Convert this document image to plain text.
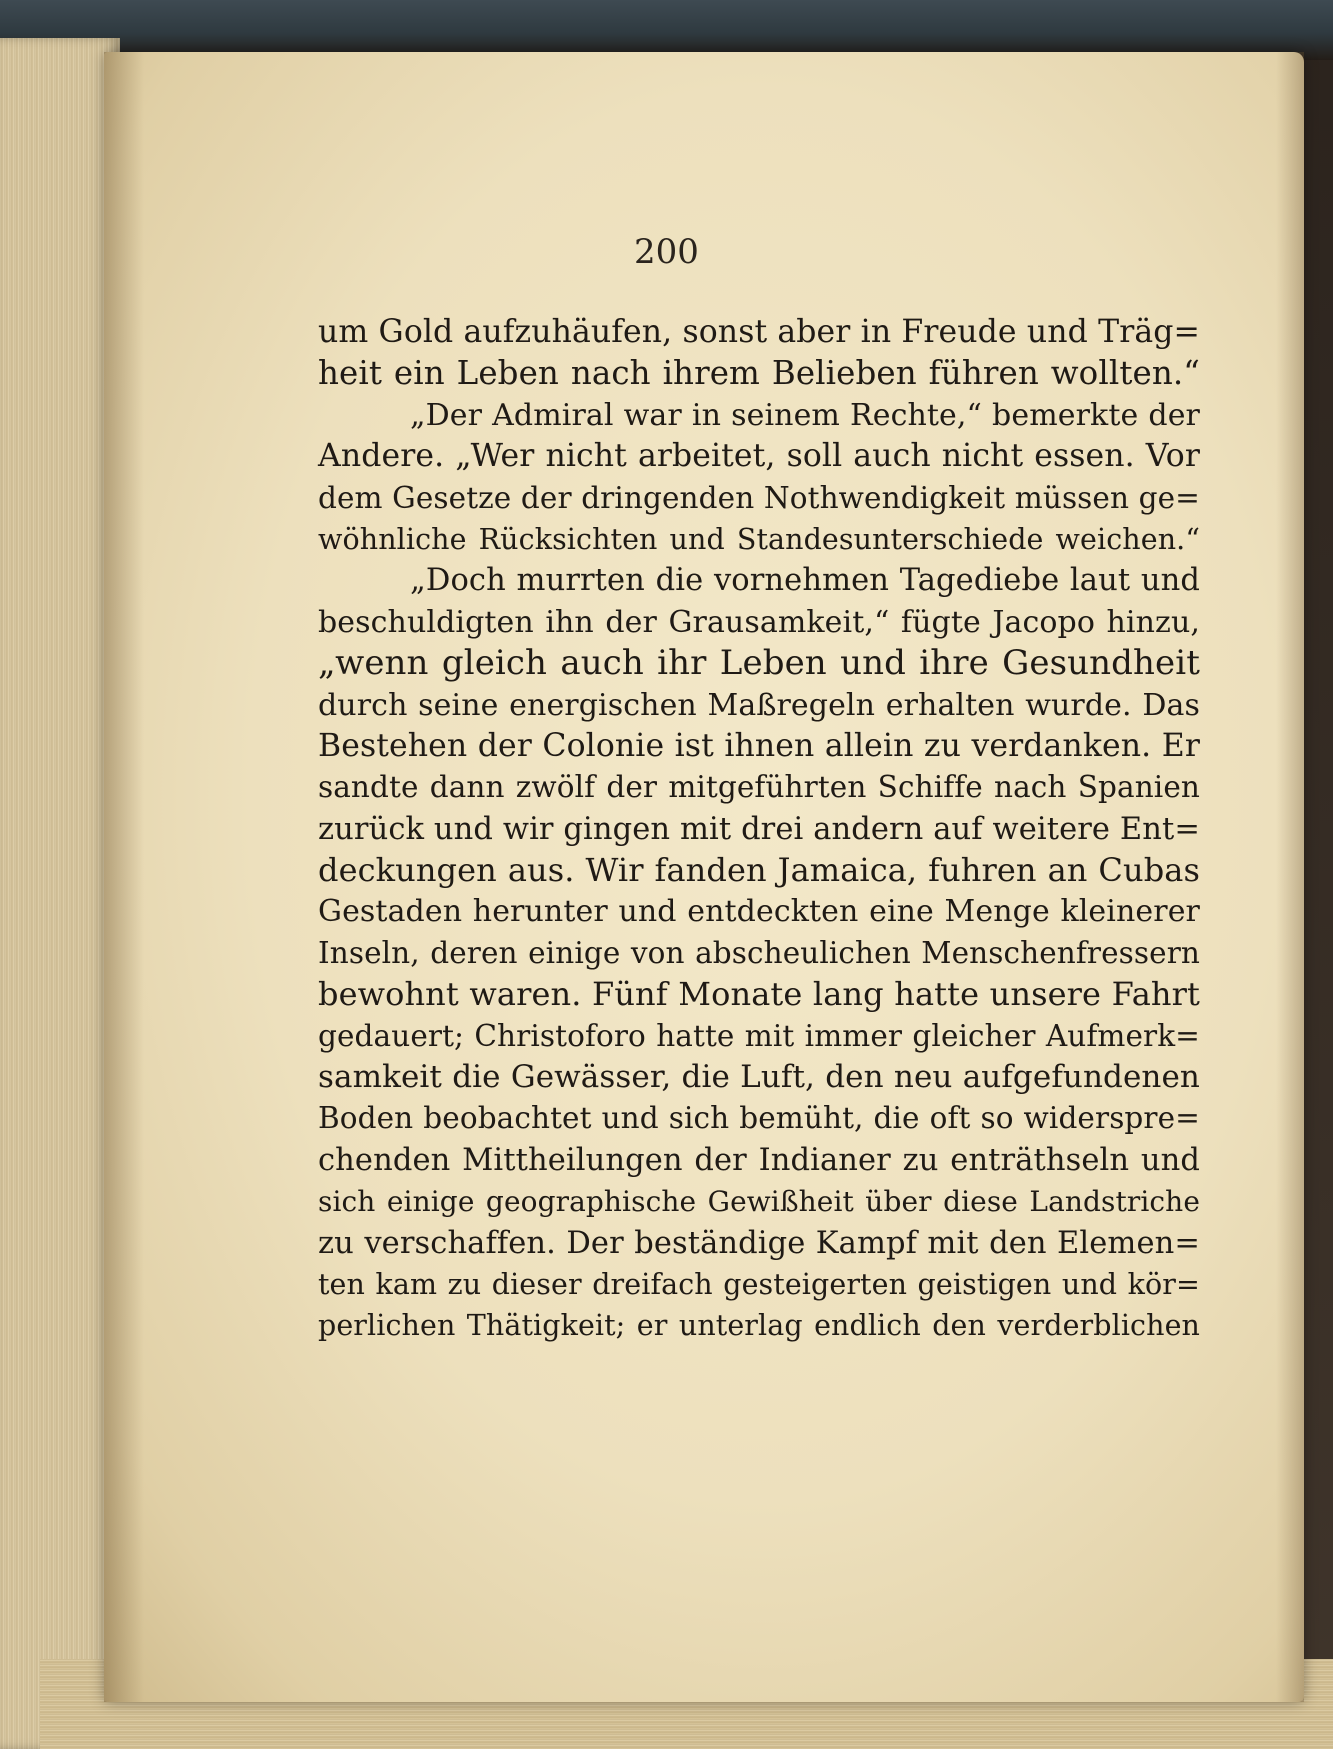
200
um Gold aufzuhäufen, sonst aber in Freude und Träg=
heit ein Leben nach ihrem Belieben führen wollten.“
„Der Admiral war in seinem Rechte,“ bemerkte der
Andere. „Wer nicht arbeitet, soll auch nicht essen. Vor
dem Gesetze der dringenden Nothwendigkeit müssen ge=
wöhnliche Rücksichten und Standesunterschiede weichen.“
„Doch murrten die vornehmen Tagediebe laut und
beschuldigten ihn der Grausamkeit,“ fügte Jacopo hinzu,
„wenn gleich auch ihr Leben und ihre Gesundheit
durch seine energischen Maßregeln erhalten wurde. Das
Bestehen der Colonie ist ihnen allein zu verdanken. Er
sandte dann zwölf der mitgeführten Schiffe nach Spanien
zurück und wir gingen mit drei andern auf weitere Ent=
deckungen aus. Wir fanden Jamaica, fuhren an Cubas
Gestaden herunter und entdeckten eine Menge kleinerer
Inseln, deren einige von abscheulichen Menschenfressern
bewohnt waren. Fünf Monate lang hatte unsere Fahrt
gedauert; Christoforo hatte mit immer gleicher Aufmerk=
samkeit die Gewässer, die Luft, den neu aufgefundenen
Boden beobachtet und sich bemüht, die oft so widerspre=
chenden Mittheilungen der Indianer zu enträthseln und
sich einige geographische Gewißheit über diese Landstriche
zu verschaffen. Der beständige Kampf mit den Elemen=
ten kam zu dieser dreifach gesteigerten geistigen und kör=
perlichen Thätigkeit; er unterlag endlich den verderblichen
